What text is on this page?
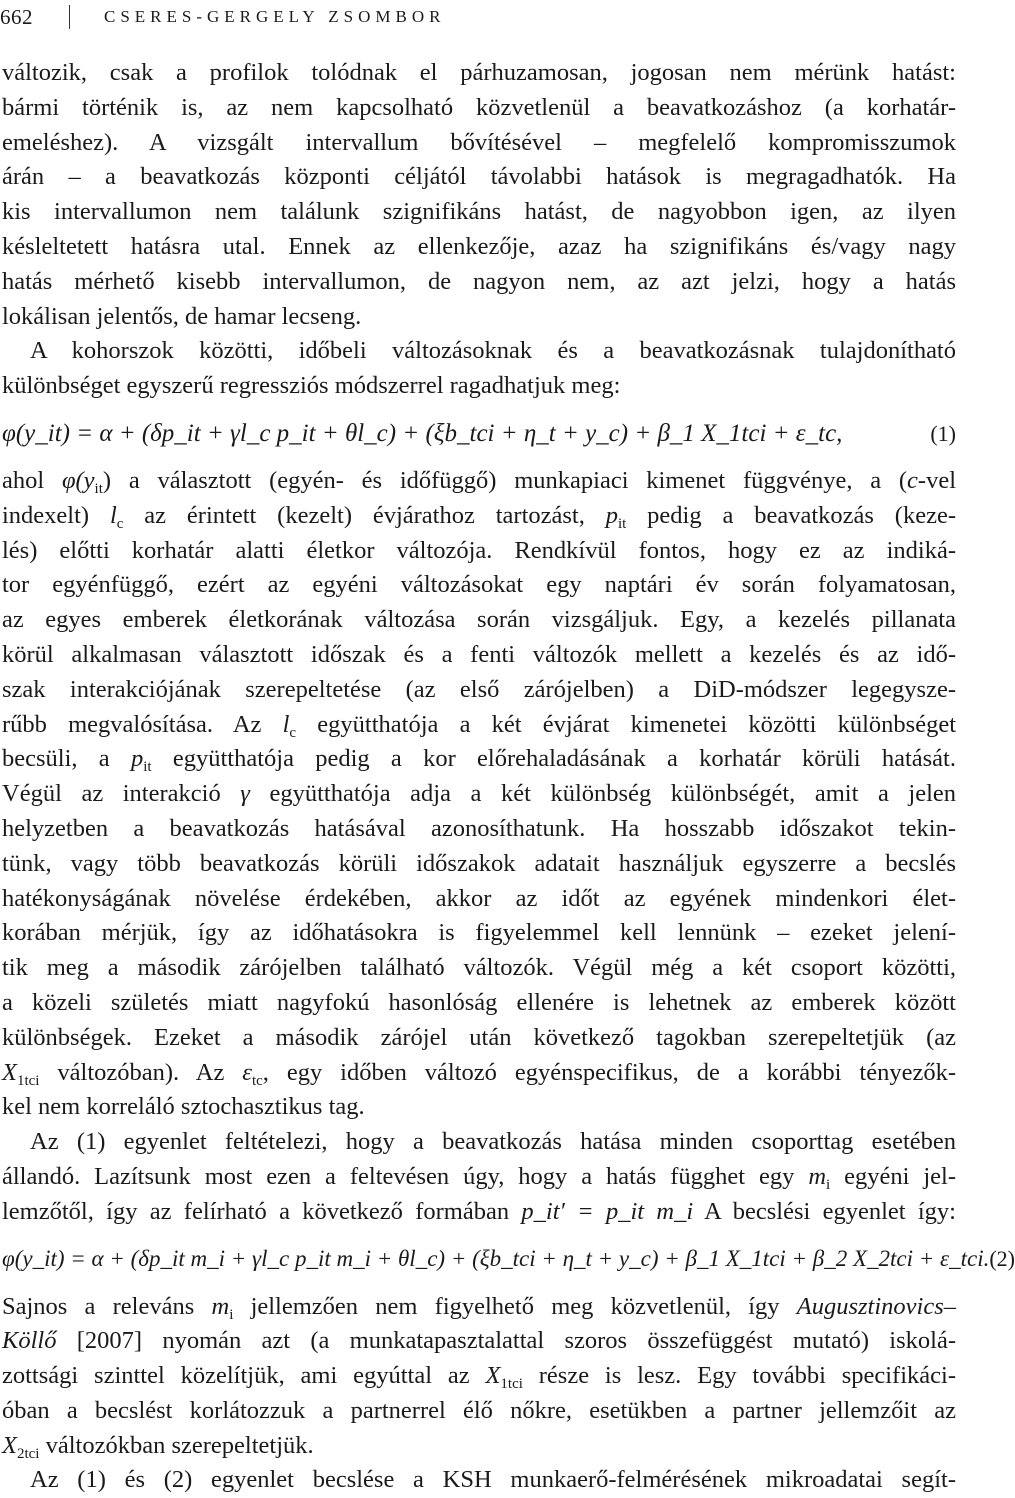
662	CSERES-GERGELY ZSOMBOR

változik, csak a profilok tolódnak el párhuzamosan, jogosan nem mérünk hatást:
bármi történik is, az nem kapcsolható közvetlenül a beavatkozáshoz (a korhatár-
emeléshez). A vizsgált intervallum bővítésével – megfelelő kompromisszumok
árán – a beavatkozás központi céljától távolabbi hatások is megragadhatók. Ha
kis intervallumon nem találunk szignifikáns hatást, de nagyobbon igen, az ilyen
késleltetett hatásra utal. Ennek az ellenkezője, azaz ha szignifikáns és/vagy nagy
hatás mérhető kisebb intervallumon, de nagyon nem, az azt jelzi, hogy a hatás
lokálisan jelentős, de hamar lecseng.

A kohorszok közötti, időbeli változásoknak és a beavatkozásnak tulajdonítható
különbséget egyszerű regressziós módszerrel ragadhatjuk meg:

φ(y_it) = α + (δp_it + γl_c p_it + θl_c) + (ξb_tci + η_t + y_c) + β_1 X_1tci + ε_tc,	(1)

ahol $\varphi(y_{it})$ a választott (egyén- és időfüggő) munkapiaci kimenet függvénye, a (c-vel
indexelt) $l_c$ az érintett (kezelt) évjárathoz tartozást, $p_{it}$ pedig a beavatkozás (keze-
lés) előtti korhatár alatti életkor változója. Rendkívül fontos, hogy ez az indiká-
tor egyénfüggő, ezért az egyéni változásokat egy naptári év során folyamatosan,
az egyes emberek életkorának változása során vizsgáljuk. Egy, a kezelés pillanata
körül alkalmasan választott időszak és a fenti változók mellett a kezelés és az idő-
szak interakciójának szerepeltetése (az első zárójelben) a DiD-módszer legegysze-
rűbb megvalósítása. Az $l_c$ együtthatója a két évjárat kimenetei közötti különbséget
becsüli, a $p_{it}$ együtthatója pedig a kor előrehaladásának a korhatár körüli hatását.
Végül az interakció γ együtthatója adja a két különbség különbségét, amit a jelen
helyzetben a beavatkozás hatásával azonosíthatunk. Ha hosszabb időszakot tekin-
tünk, vagy több beavatkozás körüli időszakok adatait használjuk egyszerre a becslés
hatékonyságának növelése érdekében, akkor az időt az egyének mindenkori élet-
korában mérjük, így az időhatásokra is figyelemmel kell lennünk – ezeket jelení-
tik meg a második zárójelben található változók. Végül még a két csoport közötti,
a közeli születés miatt nagyfokú hasonlóság ellenére is lehetnek az emberek között
különbségek. Ezeket a második zárójel után következő tagokban szerepeltetjük (az
$X_{1tci}$ változóban). Az $\varepsilon_{tc}$, egy időben változó egyénspecifikus, de a korábbi tényezők-
kel nem korreláló sztochasztikus tag.

Az (1) egyenlet feltételezi, hogy a beavatkozás hatása minden csoporttag esetében
állandó. Lazítsunk most ezen a feltevésen úgy, hogy a hatás függhet egy $m_i$ egyéni jel-
lemzőtől, így az felírható a következő formában p_it′ = p_it m_i A becslési egyenlet így:

φ(y_it) = α + (δp_it m_i + γl_c p_it m_i + θl_c) + (ξb_tci + η_t + y_c) + β_1 X_1tci + β_2 X_2tci + ε_tci. (2)

Sajnos a releváns $m_i$ jellemzően nem figyelhető meg közvetlenül, így Augusztinovics–
Köllő [2007] nyomán azt (a munkatapasztalattal szoros összefüggést mutató) iskolá-
zottsági szinttel közelítjük, ami egyúttal az $X_{1tci}$ része is lesz. Egy további specifikáci-
óban a becslést korlátozzuk a partnerrel élő nőkre, esetükben a partner jellemzőit az
$X_{2tci}$ változókban szerepeltetjük.

Az (1) és (2) egyenlet becslése a KSH munkaerő-felmérésének mikroadatai segít-
